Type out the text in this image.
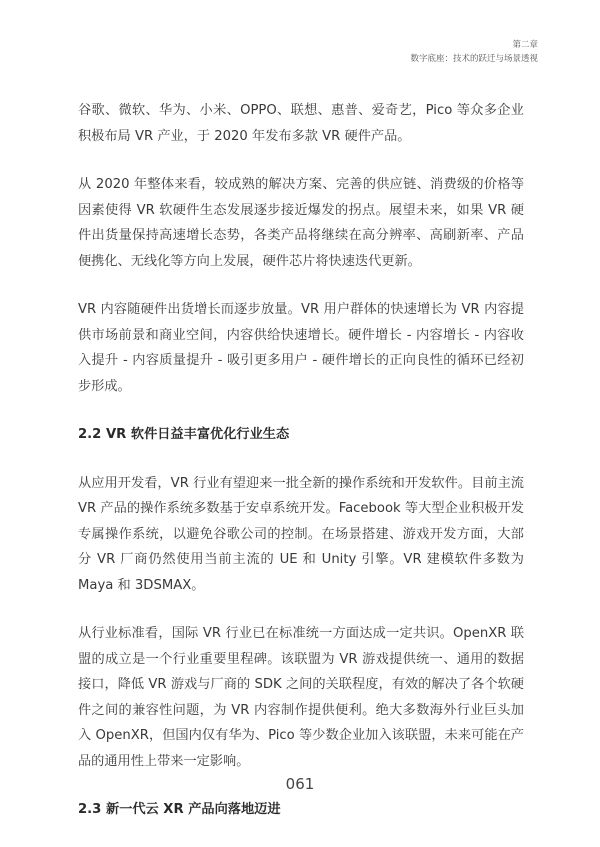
第二章
数字底座：技术的跃迁与场景透视

谷歌、微软、华为、小米、OPPO、联想、惠普、爱奇艺，Pico 等众多企业积极布局 VR 产业，于 2020 年发布多款 VR 硬件产品。

从 2020 年整体来看，较成熟的解决方案、完善的供应链、消费级的价格等因素使得 VR 软硬件生态发展逐步接近爆发的拐点。展望未来，如果 VR 硬件出货量保持高速增长态势，各类产品将继续在高分辨率、高刷新率、产品便携化、无线化等方向上发展，硬件芯片将快速迭代更新。

VR 内容随硬件出货增长而逐步放量。VR 用户群体的快速增长为 VR 内容提供市场前景和商业空间，内容供给快速增长。硬件增长 - 内容增长 - 内容收入提升 - 内容质量提升 - 吸引更多用户 - 硬件增长的正向良性的循环已经初步形成。

2.2 VR 软件日益丰富优化行业生态

从应用开发看，VR 行业有望迎来一批全新的操作系统和开发软件。目前主流 VR 产品的操作系统多数基于安卓系统开发。Facebook 等大型企业积极开发专属操作系统，以避免谷歌公司的控制。在场景搭建、游戏开发方面，大部分 VR 厂商仍然使用当前主流的 UE 和 Unity 引擎。VR 建模软件多数为 Maya 和 3DSMAX。

从行业标准看，国际 VR 行业已在标准统一方面达成一定共识。OpenXR 联盟的成立是一个行业重要里程碑。该联盟为 VR 游戏提供统一、通用的数据接口，降低 VR 游戏与厂商的 SDK 之间的关联程度，有效的解决了各个软硬件之间的兼容性问题，为 VR 内容制作提供便利。绝大多数海外行业巨头加入 OpenXR，但国内仅有华为、Pico 等少数企业加入该联盟，未来可能在产品的通用性上带来一定影响。

2.3 新一代云 XR 产品向落地迈进
061
